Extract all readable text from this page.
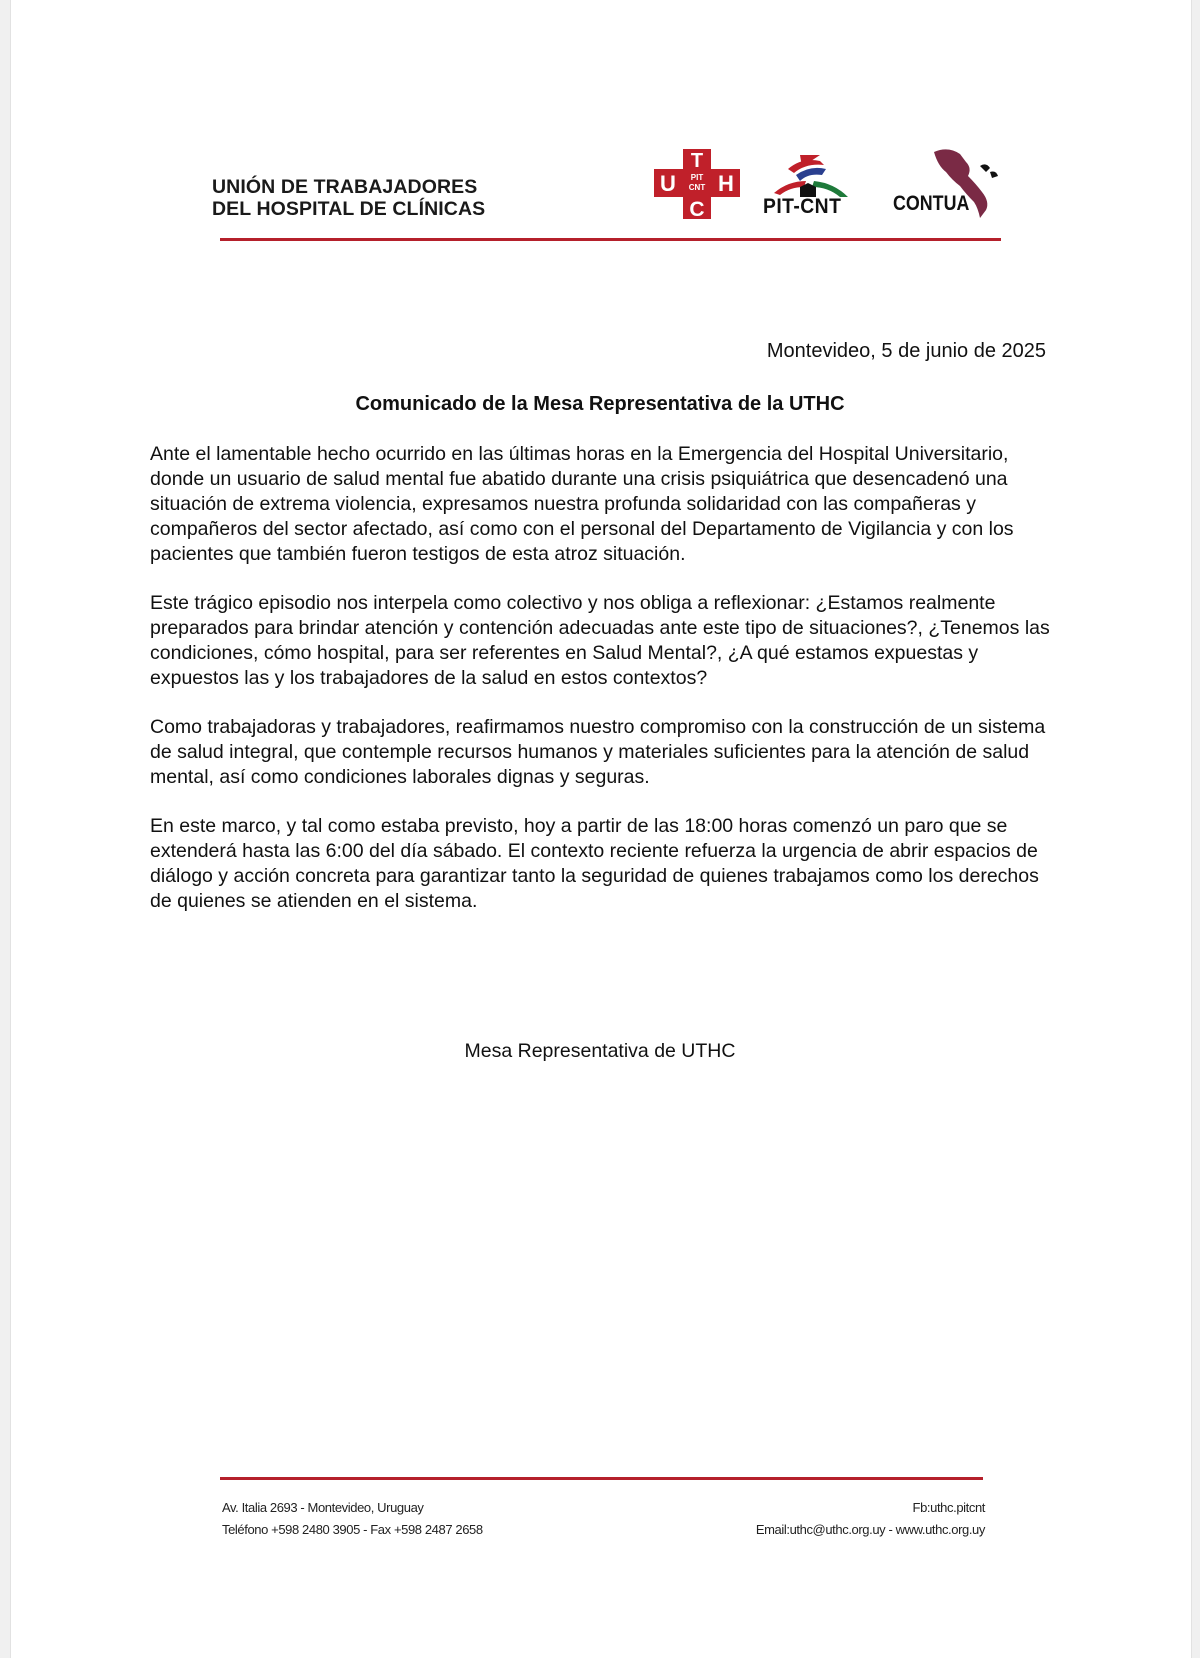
UNIÓN DE TRABAJADORES
DEL HOSPITAL DE CLÍNICAS
T
U H
C
PIT
CNT
PIT-CNT CONTUA
Montevideo, 5 de junio de 2025
Comunicado de la Mesa Representativa de la UTHC

Ante el lamentable hecho ocurrido en las últimas horas en la Emergencia del Hospital Universitario, donde un usuario de salud mental fue abatido durante una crisis psiquiátrica que desencadenó una situación de extrema violencia, expresamos nuestra profunda solidaridad con las compañeras y compañeros del sector afectado, así como con el personal del Departamento de Vigilancia y con los pacientes que también fueron testigos de esta atroz situación.

Este trágico episodio nos interpela como colectivo y nos obliga a reflexionar: ¿Estamos realmente preparados para brindar atención y contención adecuadas ante este tipo de situaciones?, ¿Tenemos las condiciones, cómo hospital, para ser referentes en Salud Mental?, ¿A qué estamos expuestas y expuestos las y los trabajadores de la salud en estos contextos?

Como trabajadoras y trabajadores, reafirmamos nuestro compromiso con la construcción de un sistema de salud integral, que contemple recursos humanos y materiales suficientes para la atención de salud mental, así como condiciones laborales dignas y seguras.

En este marco, y tal como estaba previsto, hoy a partir de las 18:00 horas comenzó un paro que se extenderá hasta las 6:00 del día sábado. El contexto reciente refuerza la urgencia de abrir espacios de diálogo y acción concreta para garantizar tanto la seguridad de quienes trabajamos como los derechos de quienes se atienden en el sistema.

Mesa Representativa de UTHC
Av. Italia 2693 - Montevideo, Uruguay
Teléfono +598 2480 3905 - Fax +598 2487 2658
Fb:uthc.pitcnt
Email:uthc@uthc.org.uy - www.uthc.org.uy
